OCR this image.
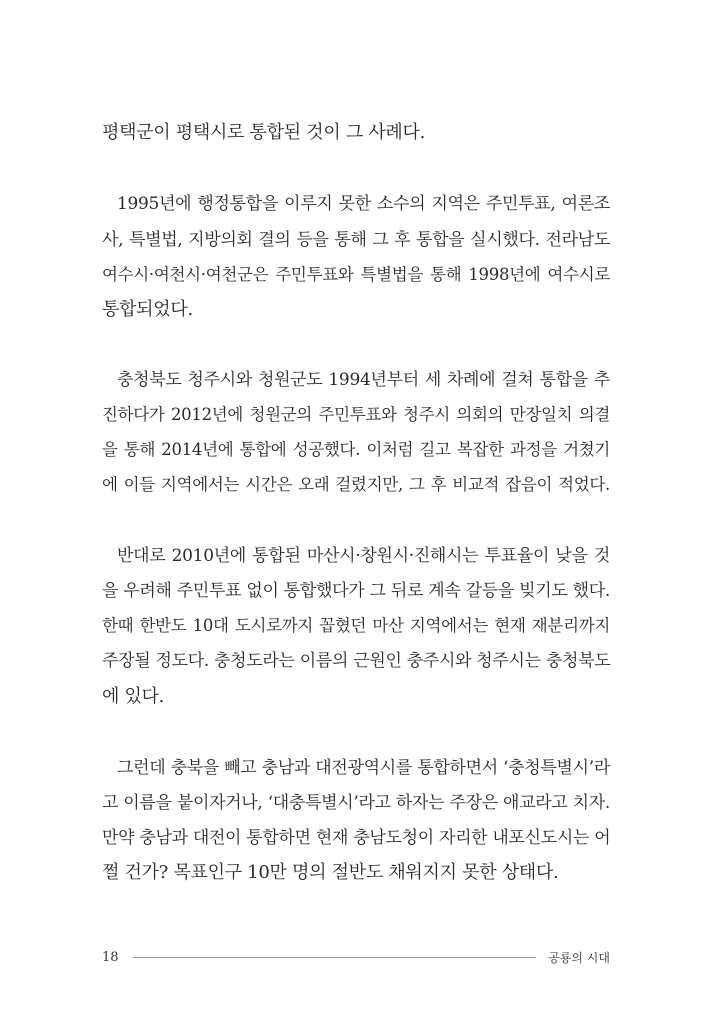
평택군이 평택시로 통합된 것이 그 사례다.
1995년에 행정통합을 이루지 못한 소수의 지역은 주민투표, 여론조
사, 특별법, 지방의회 결의 등을 통해 그 후 통합을 실시했다. 전라남도
여수시·여천시·여천군은 주민투표와 특별법을 통해 1998년에 여수시로
통합되었다.
충청북도 청주시와 청원군도 1994년부터 세 차례에 걸쳐 통합을 추
진하다가 2012년에 청원군의 주민투표와 청주시 의회의 만장일치 의결
을 통해 2014년에 통합에 성공했다. 이처럼 길고 복잡한 과정을 거쳤기
에 이들 지역에서는 시간은 오래 걸렸지만, 그 후 비교적 잡음이 적었다.
반대로 2010년에 통합된 마산시·창원시·진해시는 투표율이 낮을 것
을 우려해 주민투표 없이 통합했다가 그 뒤로 계속 갈등을 빚기도 했다.
한때 한반도 10대 도시로까지 꼽혔던 마산 지역에서는 현재 재분리까지
주장될 정도다. 충청도라는 이름의 근원인 충주시와 청주시는 충청북도
에 있다.
그런데 충북을 빼고 충남과 대전광역시를 통합하면서 ‘충청특별시’라
고 이름을 붙이자거나, ‘대충특별시’라고 하자는 주장은 애교라고 치자.
만약 충남과 대전이 통합하면 현재 충남도청이 자리한 내포신도시는 어
쩔 건가? 목표인구 10만 명의 절반도 채워지지 못한 상태다.
18	공룡의 시대
